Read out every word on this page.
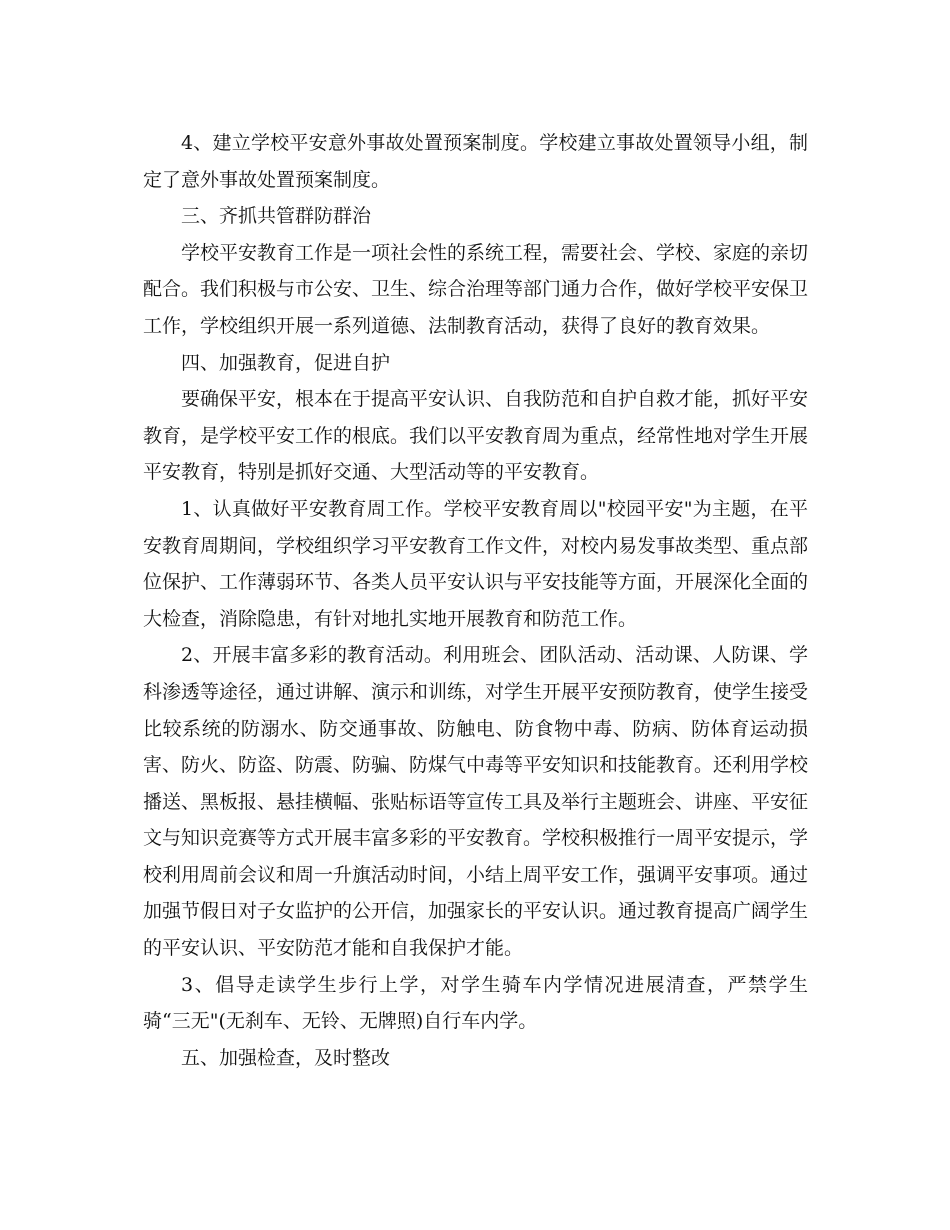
4、建立学校平安意外事故处置预案制度。学校建立事故处置领导小组，制定了意外事故处置预案制度。

三、齐抓共管群防群治

学校平安教育工作是一项社会性的系统工程，需要社会、学校、家庭的亲切配合。我们积极与市公安、卫生、综合治理等部门通力合作，做好学校平安保卫工作，学校组织开展一系列道德、法制教育活动，获得了良好的教育效果。

四、加强教育，促进自护

要确保平安，根本在于提高平安认识、自我防范和自护自救才能，抓好平安教育，是学校平安工作的根底。我们以平安教育周为重点，经常性地对学生开展平安教育，特别是抓好交通、大型活动等的平安教育。

1、认真做好平安教育周工作。学校平安教育周以"校园平安"为主题，在平安教育周期间，学校组织学习平安教育工作文件，对校内易发事故类型、重点部位保护、工作薄弱环节、各类人员平安认识与平安技能等方面，开展深化全面的大检查，消除隐患，有针对地扎实地开展教育和防范工作。

2、开展丰富多彩的教育活动。利用班会、团队活动、活动课、人防课、学科渗透等途径，通过讲解、演示和训练，对学生开展平安预防教育，使学生接受比较系统的防溺水、防交通事故、防触电、防食物中毒、防病、防体育运动损害、防火、防盗、防震、防骗、防煤气中毒等平安知识和技能教育。还利用学校播送、黑板报、悬挂横幅、张贴标语等宣传工具及举行主题班会、讲座、平安征文与知识竞赛等方式开展丰富多彩的平安教育。学校积极推行一周平安提示，学校利用周前会议和周一升旗活动时间，小结上周平安工作，强调平安事项。通过加强节假日对子女监护的公开信，加强家长的平安认识。通过教育提高广阔学生的平安认识、平安防范才能和自我保护才能。

3、倡导走读学生步行上学，对学生骑车内学情况进展清查，严禁学生骑“三无"(无刹车、无铃、无牌照)自行车内学。

五、加强检查，及时整改
